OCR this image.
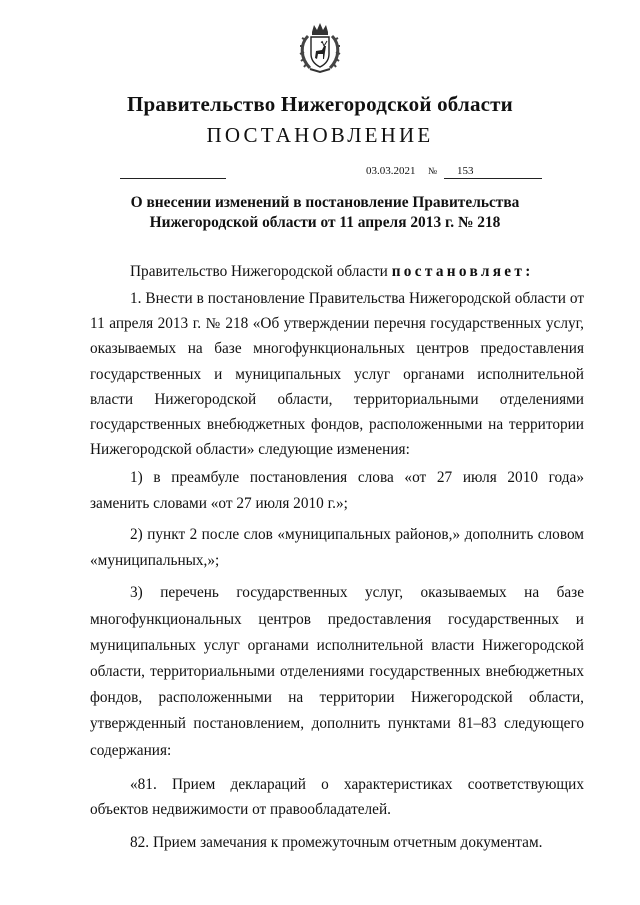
Правительство Нижегородской области
ПОСТАНОВЛЕНИЕ
03.03.2021 № 153
О внесении изменений в постановление Правительства
Нижегородской области от 11 апреля 2013 г. № 218

Правительство Нижегородской области постановляет:

1. Внести в постановление Правительства Нижегородской области от 11 апреля 2013 г. № 218 «Об утверждении перечня государственных услуг, оказываемых на базе многофункциональных центров предоставления государственных и муниципальных услуг органами исполнительной власти Нижегородской области, территориальными отделениями государственных внебюджетных фондов, расположенными на территории Нижегородской области» следующие изменения:

1) в преамбуле постановления слова «от 27 июля 2010 года» заменить словами «от 27 июля 2010 г.»;

2) пункт 2 после слов «муниципальных районов,» дополнить словом «муниципальных,»;

3) перечень государственных услуг, оказываемых на базе многофункциональных центров предоставления государственных и муниципальных услуг органами исполнительной власти Нижегородской области, территориальными отделениями государственных внебюджетных фондов, расположенными на территории Нижегородской области, утвержденный постановлением, дополнить пунктами 81–83 следующего содержания:

«81. Прием деклараций о характеристиках соответствующих объектов недвижимости от правообладателей.

82. Прием замечания к промежуточным отчетным документам.
